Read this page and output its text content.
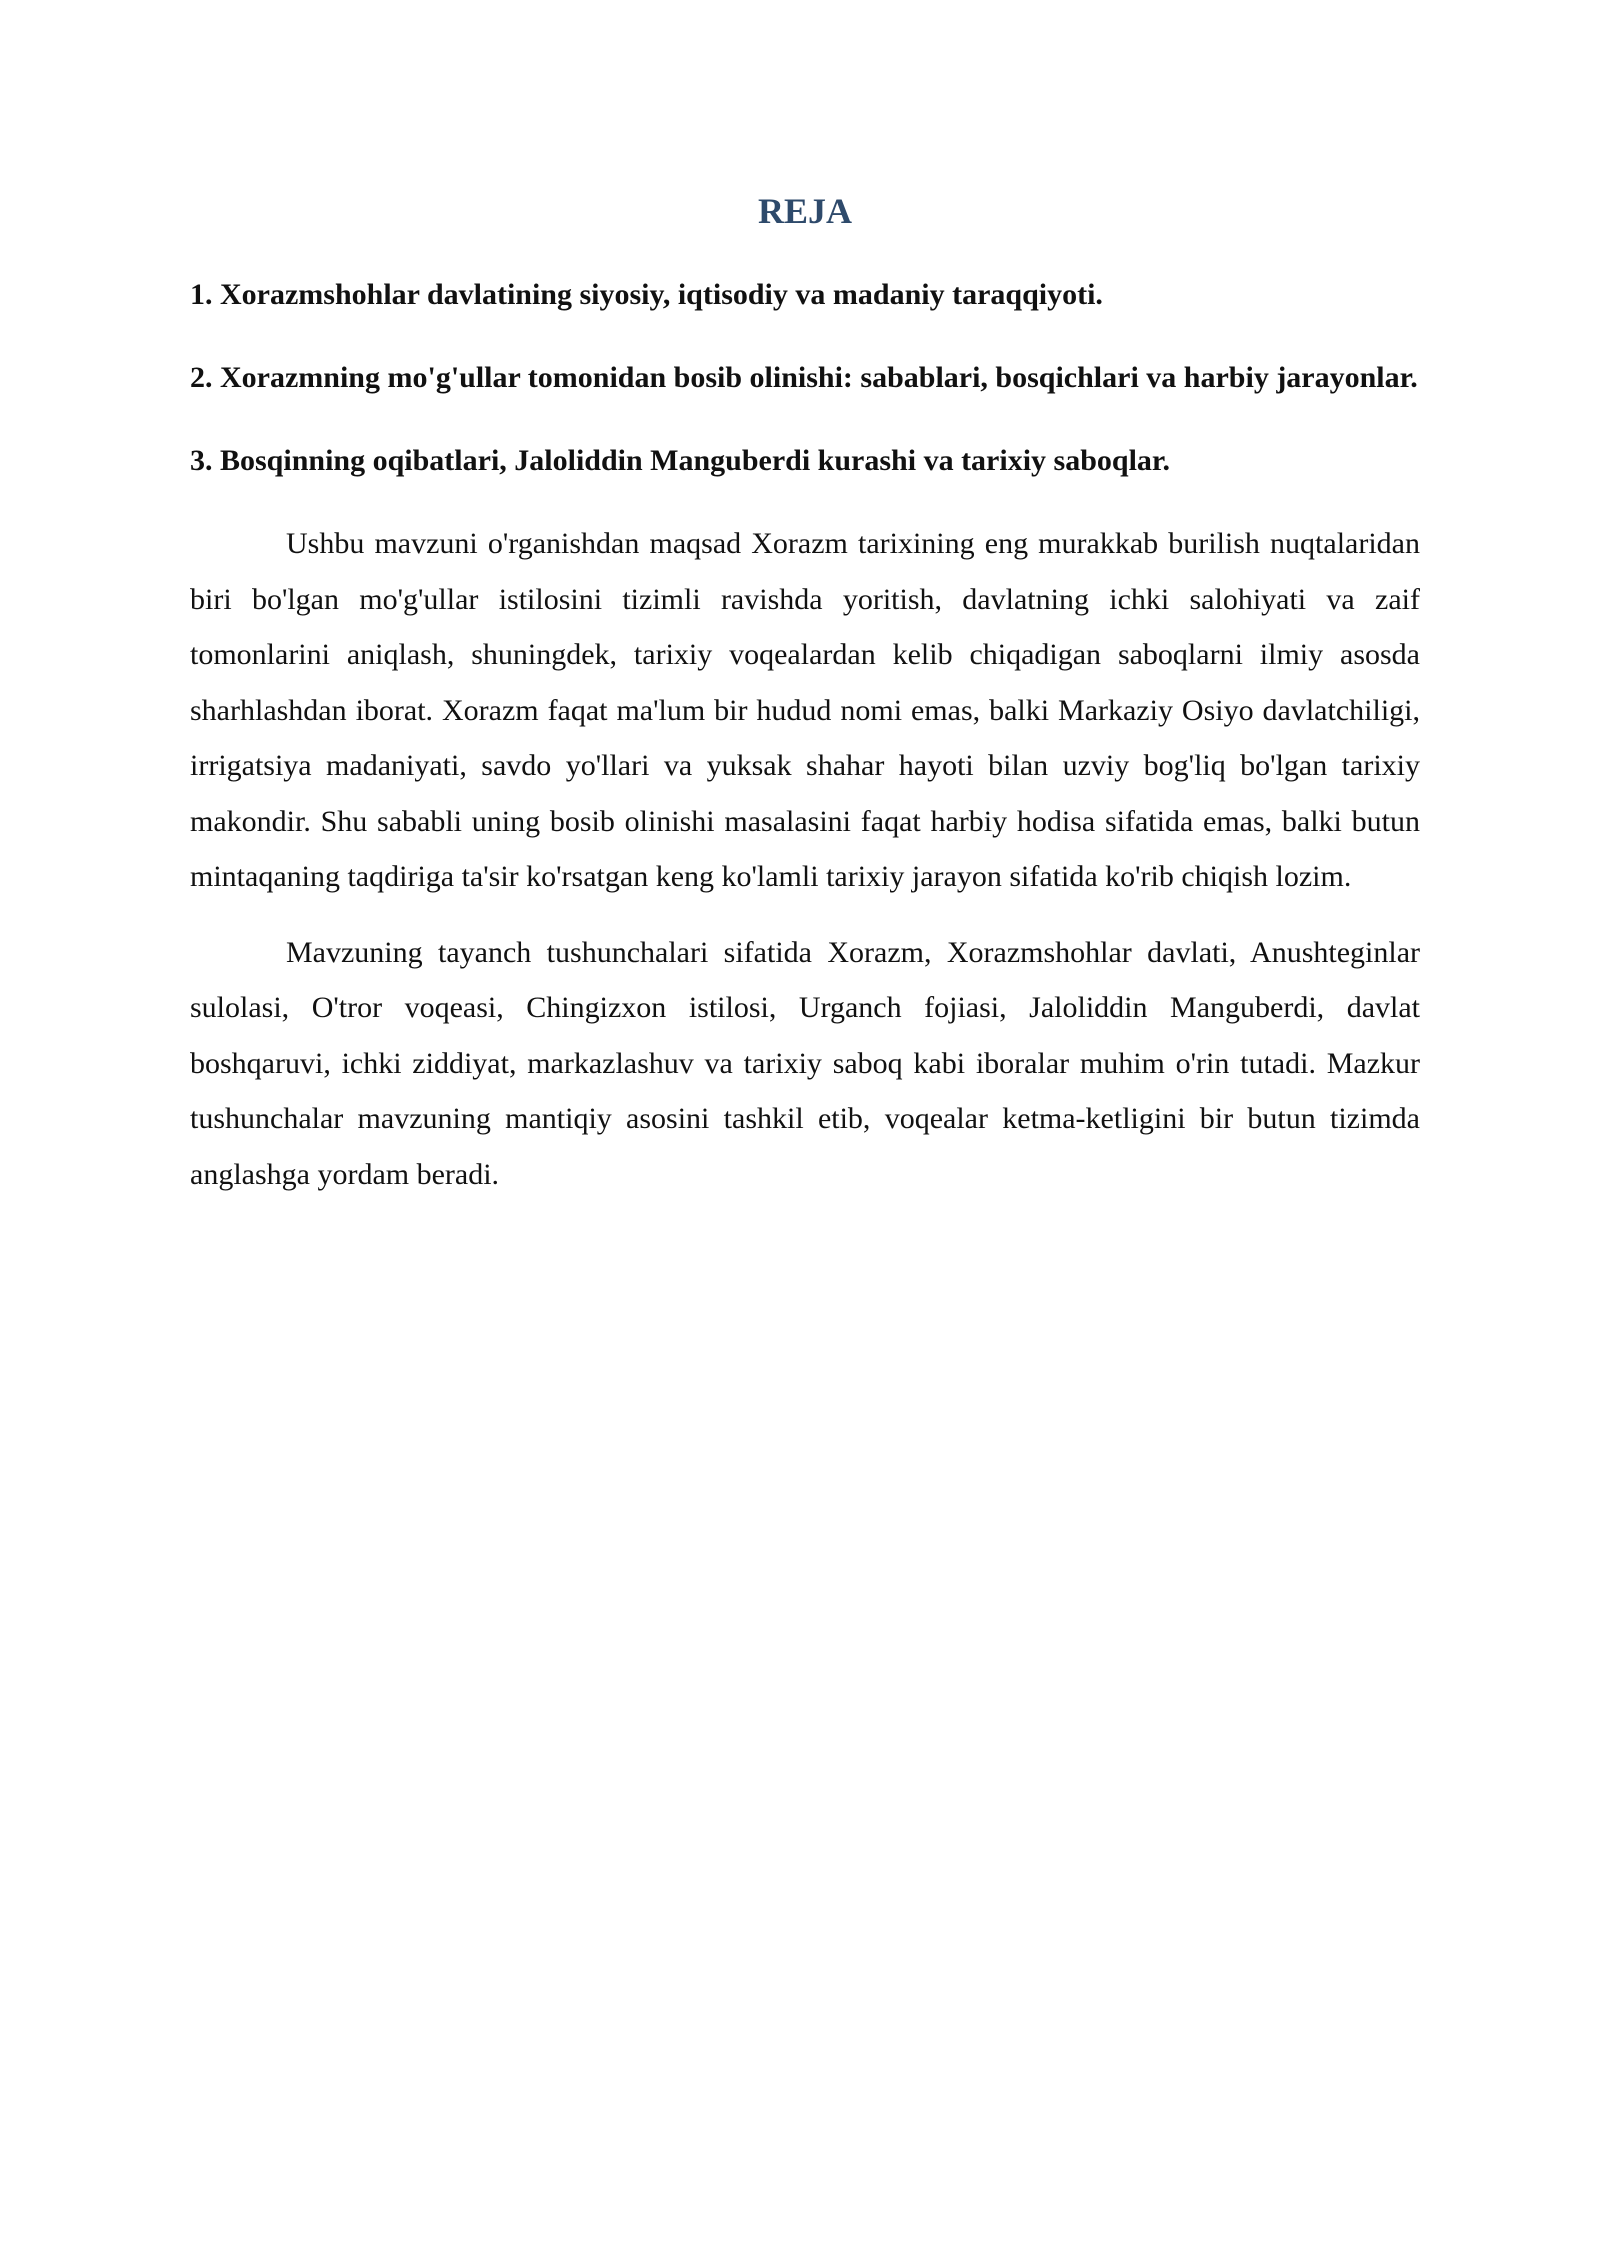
REJA

1. Xorazmshohlar davlatining siyosiy, iqtisodiy va madaniy taraqqiyoti.

2. Xorazmning mo'g'ullar tomonidan bosib olinishi: sabablari, bosqichlari va harbiy jarayonlar.

3. Bosqinning oqibatlari, Jaloliddin Manguberdi kurashi va tarixiy saboqlar.

Ushbu mavzuni o'rganishdan maqsad Xorazm tarixining eng murakkab burilish nuqtalaridan biri bo'lgan mo'g'ullar istilosini tizimli ravishda yoritish, davlatning ichki salohiyati va zaif tomonlarini aniqlash, shuningdek, tarixiy voqealardan kelib chiqadigan saboqlarni ilmiy asosda sharhlashdan iborat. Xorazm faqat ma'lum bir hudud nomi emas, balki Markaziy Osiyo davlatchiligi, irrigatsiya madaniyati, savdo yo'llari va yuksak shahar hayoti bilan uzviy bog'liq bo'lgan tarixiy makondir. Shu sababli uning bosib olinishi masalasini faqat harbiy hodisa sifatida emas, balki butun mintaqaning taqdiriga ta'sir ko'rsatgan keng ko'lamli tarixiy jarayon sifatida ko'rib chiqish lozim.

Mavzuning tayanch tushunchalari sifatida Xorazm, Xorazmshohlar davlati, Anushteginlar sulolasi, O'tror voqeasi, Chingizxon istilosi, Urganch fojiasi, Jaloliddin Manguberdi, davlat boshqaruvi, ichki ziddiyat, markazlashuv va tarixiy saboq kabi iboralar muhim o'rin tutadi. Mazkur tushunchalar mavzuning mantiqiy asosini tashkil etib, voqealar ketma-ketligini bir butun tizimda anglashga yordam beradi.
